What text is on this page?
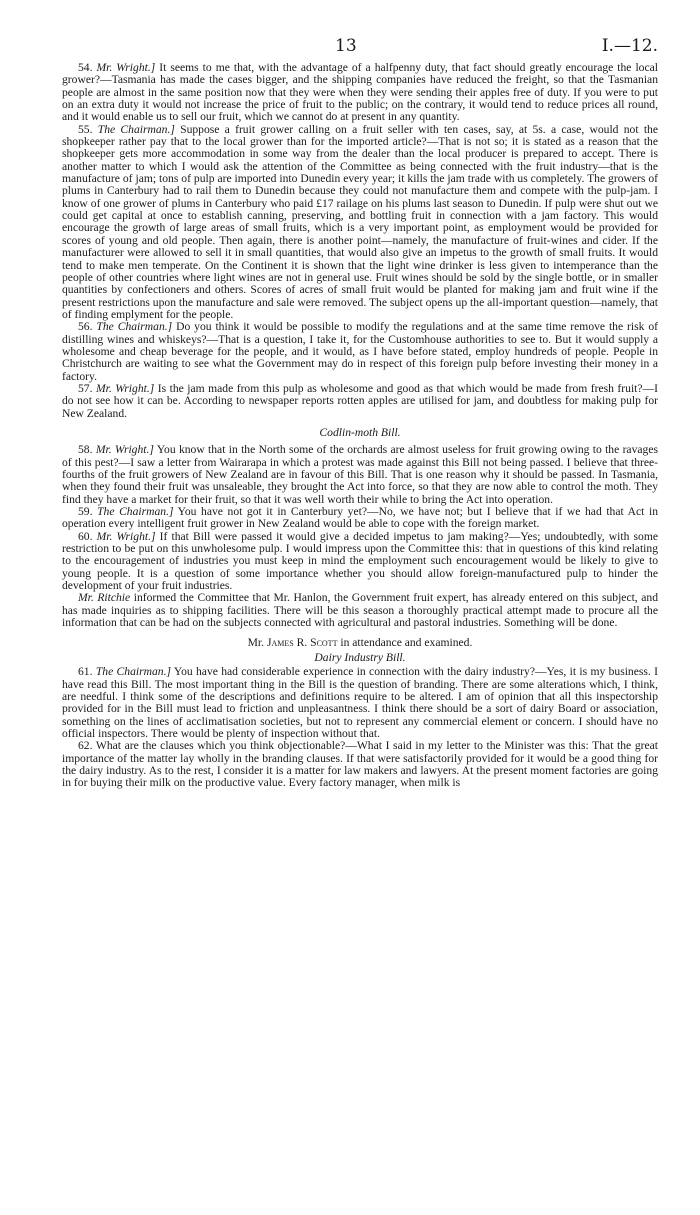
13	I.—12.

54. Mr. Wright.] It seems to me that, with the advantage of a halfpenny duty, that fact should greatly encourage the local grower?—Tasmania has made the cases bigger, and the shipping companies have reduced the freight, so that the Tasmanian people are almost in the same position now that they were when they were sending their apples free of duty. If you were to put on an extra duty it would not increase the price of fruit to the public; on the contrary, it would tend to reduce prices all round, and it would enable us to sell our fruit, which we cannot do at present in any quantity.

55. The Chairman.] Suppose a fruit grower calling on a fruit seller with ten cases, say, at 5s. a case, would not the shopkeeper rather pay that to the local grower than for the imported article?—That is not so; it is stated as a reason that the shopkeeper gets more accommodation in some way from the dealer than the local producer is prepared to accept. There is another matter to which I would ask the attention of the Committee as being connected with the fruit industry—that is the manufacture of jam; tons of pulp are imported into Dunedin every year; it kills the jam trade with us completely. The growers of plums in Canterbury had to rail them to Dunedin because they could not manufacture them and compete with the pulp-jam. I know of one grower of plums in Canterbury who paid £17 railage on his plums last season to Dunedin. If pulp were shut out we could get capital at once to establish canning, preserving, and bottling fruit in connection with a jam factory. This would encourage the growth of large areas of small fruits, which is a very important point, as employment would be provided for scores of young and old people. Then again, there is another point—namely, the manufacture of fruit-wines and cider. If the manufacturer were allowed to sell it in small quantities, that would also give an impetus to the growth of small fruits. It would tend to make men temperate. On the Continent it is shown that the light wine drinker is less given to intemperance than the people of other countries where light wines are not in general use. Fruit wines should be sold by the single bottle, or in smaller quantities by confectioners and others. Scores of acres of small fruit would be planted for making jam and fruit wine if the present restrictions upon the manufacture and sale were removed. The subject opens up the all-important question—namely, that of finding emplyment for the people.

56. The Chairman.] Do you think it would be possible to modify the regulations and at the same time remove the risk of distilling wines and whiskeys?—That is a question, I take it, for the Customhouse authorities to see to. But it would supply a wholesome and cheap beverage for the people, and it would, as I have before stated, employ hundreds of people. People in Christchurch are waiting to see what the Government may do in respect of this foreign pulp before investing their money in a factory.

57. Mr. Wright.] Is the jam made from this pulp as wholesome and good as that which would be made from fresh fruit?—I do not see how it can be. According to newspaper reports rotten apples are utilised for jam, and doubtless for making pulp for New Zealand.

Codlin-moth Bill.

58. Mr. Wright.] You know that in the North some of the orchards are almost useless for fruit growing owing to the ravages of this pest?—I saw a letter from Wairarapa in which a protest was made against this Bill not being passed. I believe that three-fourths of the fruit growers of New Zealand are in favour of this Bill. That is one reason why it should be passed. In Tasmania, when they found their fruit was unsaleable, they brought the Act into force, so that they are now able to control the moth. They find they have a market for their fruit, so that it was well worth their while to bring the Act into operation.

59. The Chairman.] You have not got it in Canterbury yet?—No, we have not; but I believe that if we had that Act in operation every intelligent fruit grower in New Zealand would be able to cope with the foreign market.

60. Mr. Wright.] If that Bill were passed it would give a decided impetus to jam making?—Yes; undoubtedly, with some restriction to be put on this unwholesome pulp. I would impress upon the Committee this: that in questions of this kind relating to the encouragement of industries you must keep in mind the employment such encouragement would be likely to give to young people. It is a question of some importance whether you should allow foreign-manufactured pulp to hinder the development of your fruit industries.

Mr. Ritchie informed the Committee that Mr. Hanlon, the Government fruit expert, has already entered on this subject, and has made inquiries as to shipping facilities. There will be this season a thoroughly practical attempt made to procure all the information that can be had on the subjects connected with agricultural and pastoral industries. Something will be done.

Mr. James R. Scott in attendance and examined.
Dairy Industry Bill.

61. The Chairman.] You have had considerable experience in connection with the dairy industry?—Yes, it is my business. I have read this Bill. The most important thing in the Bill is the question of branding. There are some alterations which, I think, are needful. I think some of the descriptions and definitions require to be altered. I am of opinion that all this inspectorship provided for in the Bill must lead to friction and unpleasantness. I think there should be a sort of dairy Board or association, something on the lines of acclimatisation societies, but not to represent any commercial element or concern. I should have no official inspectors. There would be plenty of inspection without that.

62. What are the clauses which you think objectionable?—What I said in my letter to the Minister was this: That the great importance of the matter lay wholly in the branding clauses. If that were satisfactorily provided for it would be a good thing for the dairy industry. As to the rest, I consider it is a matter for law makers and lawyers. At the present moment factories are going in for buying their milk on the productive value. Every factory manager, when milk is
